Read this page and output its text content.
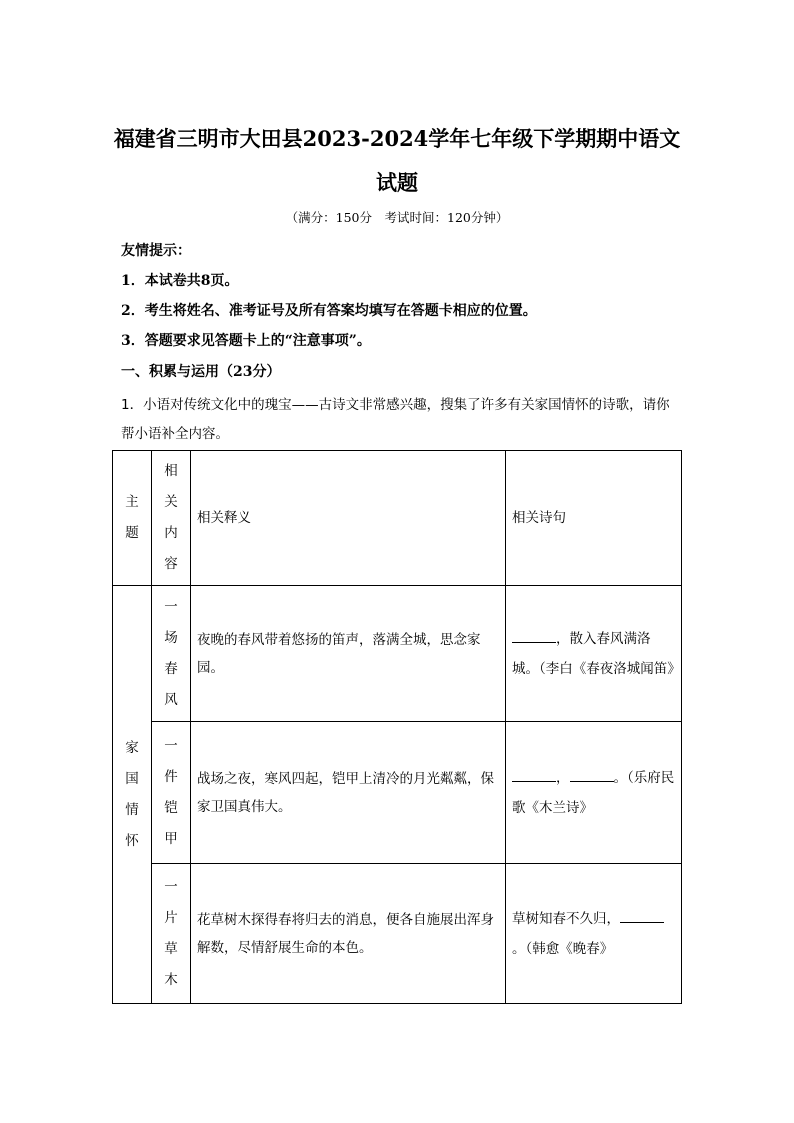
福建省三明市大田县2023-2024学年七年级下学期期中语文
试题
（满分：150分　考试时间：120分钟）
友情提示：
1．本试卷共8页。
2．考生将姓名、准考证号及所有答案均填写在答题卡相应的位置。
3．答题要求见答题卡上的“注意事项”。
一、积累与运用（23分）
1．小语对传统文化中的瑰宝——古诗文非常感兴趣，搜集了许多有关家国情怀的诗歌，请你帮小语补全内容。
主题	相关内容	相关释义	相关诗句

家国情怀	一场春风	夜晚的春风带着悠扬的笛声，落满全城，思念家园。	，散入春风满洛城。（李白《春夜洛城闻笛》

	一件铠甲	战场之夜，寒风四起，铠甲上清冷的月光粼粼，保家卫国真伟大。	， 。（乐府民歌《木兰诗》

	一片草木	花草树木探得春将归去的消息，便各自施展出浑身解数，尽情舒展生命的本色。	草树知春不久归，。（韩愈《晚春》
